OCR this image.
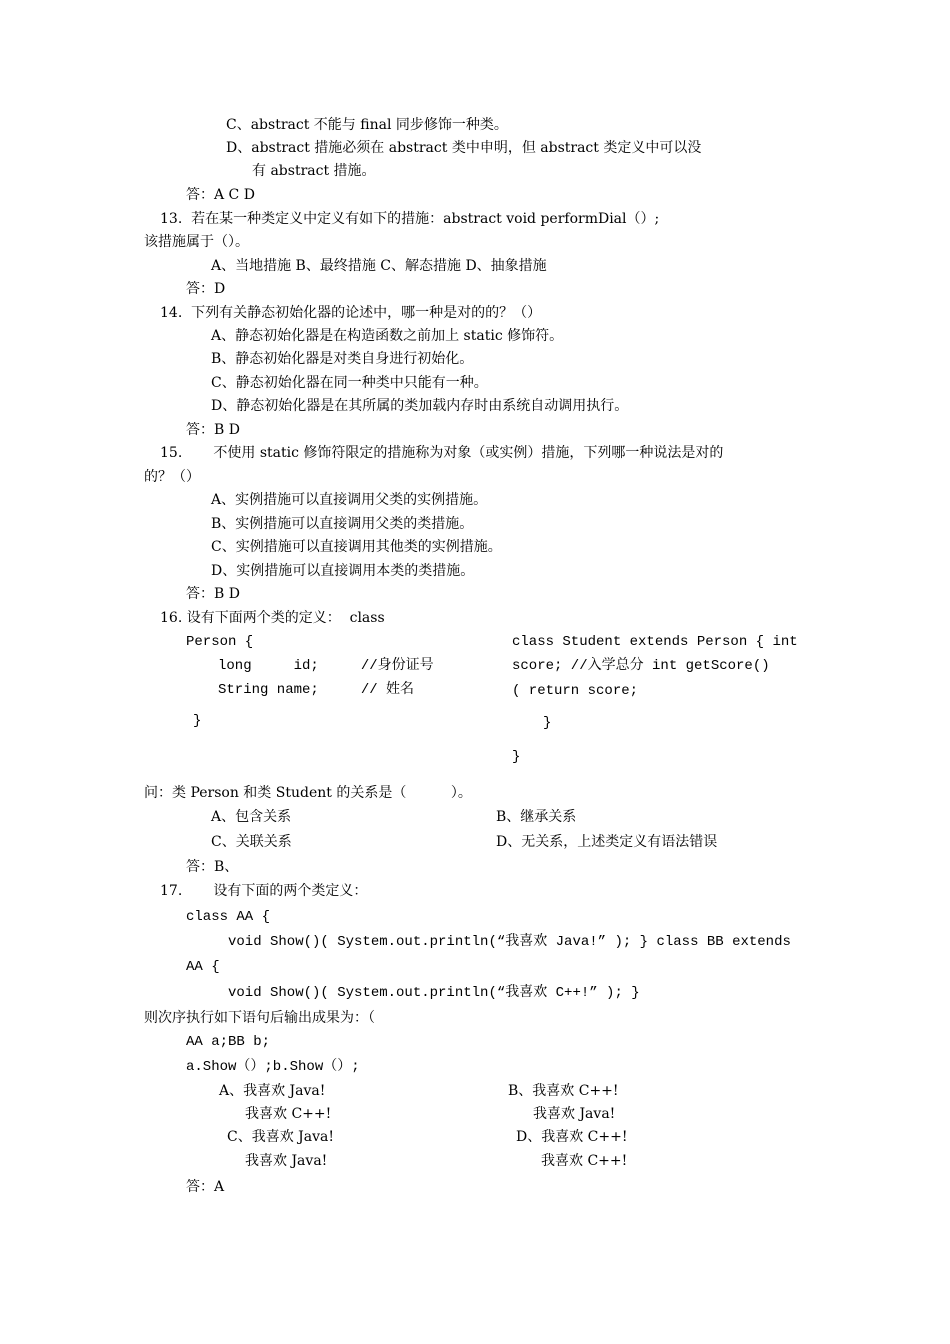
C、abstract 不能与 final 同步修饰一种类。
D、abstract 措施必须在 abstract 类中申明，但 abstract 类定义中可以没
有 abstract 措施。
答：A C D
13.  若在某一种类定义中定义有如下的措施：abstract void performDial（）;
该措施属于（）。
A、当地措施 B、最终措施 C、解态措施 D、抽象措施
答：D
14.  下列有关静态初始化器的论述中，哪一种是对的的？（）
A、静态初始化器是在构造函数之前加上 static 修饰符。
B、静态初始化器是对类自身进行初始化。
C、静态初始化器在同一种类中只能有一种。
D、静态初始化器是在其所属的类加载内存时由系统自动调用执行。
答：B D
15.       不使用 static 修饰符限定的措施称为对象（或实例）措施，下列哪一种说法是对的
的？（）
A、实例措施可以直接调用父类的实例措施。
B、实例措施可以直接调用父类的类措施。
C、实例措施可以直接调用其他类的实例措施。
D、实例措施可以直接调用本类的类措施。
答：B D
16. 设有下面两个类的定义：  class
Person {
long     id;     //身份证号
String name;     // 姓名
}
class Student extends Person { int
score; //入学总分 int getScore()
( return score;
}
}
问：类 Person 和类 Student 的关系是（          ）。
A、包含关系	B、继承关系
C、关联关系	D、无关系，上述类定义有语法错误
答：B、
17.       设有下面的两个类定义：
class AA {
void Show()( System.out.println(“我喜欢 Java!” ); } class BB extends
AA {
void Show()( System.out.println(“我喜欢 C++!” ); }
则次序执行如下语句后输出成果为：（
AA a;BB b;
a.Show（）;b.Show（）;
A、我喜欢 Java!
我喜欢 C++!
B、我喜欢 C++!
我喜欢 Java!
C、我喜欢 Java!
我喜欢 Java!
D、我喜欢 C++!
我喜欢 C++!
答：A
